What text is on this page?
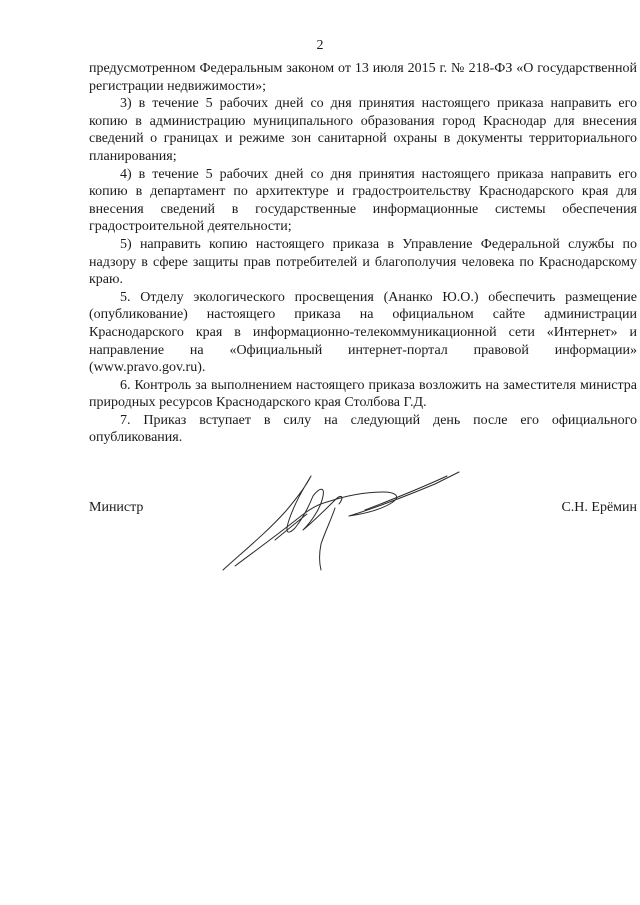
2

предусмотренном Федеральным законом от 13 июля 2015 г. № 218-ФЗ «О государственной регистрации недвижимости»;

3) в течение 5 рабочих дней со дня принятия настоящего приказа направить его копию в администрацию муниципального образования город Краснодар для внесения сведений о границах и режиме зон санитарной охраны в документы территориального планирования;

4) в течение 5 рабочих дней со дня принятия настоящего приказа направить его копию в департамент по архитектуре и градостроительству Краснодарского края для внесения сведений в государственные информационные системы обеспечения градостроительной деятельности;

5) направить копию настоящего приказа в Управление Федеральной службы по надзору в сфере защиты прав потребителей и благополучия человека по Краснодарскому краю.

5. Отделу экологического просвещения (Ананко Ю.О.) обеспечить размещение (опубликование) настоящего приказа на официальном сайте администрации Краснодарского края в информационно-телекоммуникационной сети «Интернет» и направление на «Официальный интернет-портал правовой информации» (www.pravo.gov.ru).

6. Контроль за выполнением настоящего приказа возложить на заместителя министра природных ресурсов Краснодарского края Столбова Г.Д.

7. Приказ вступает в силу на следующий день после его официального опубликования.

Министр	С.Н. Ерёмин
